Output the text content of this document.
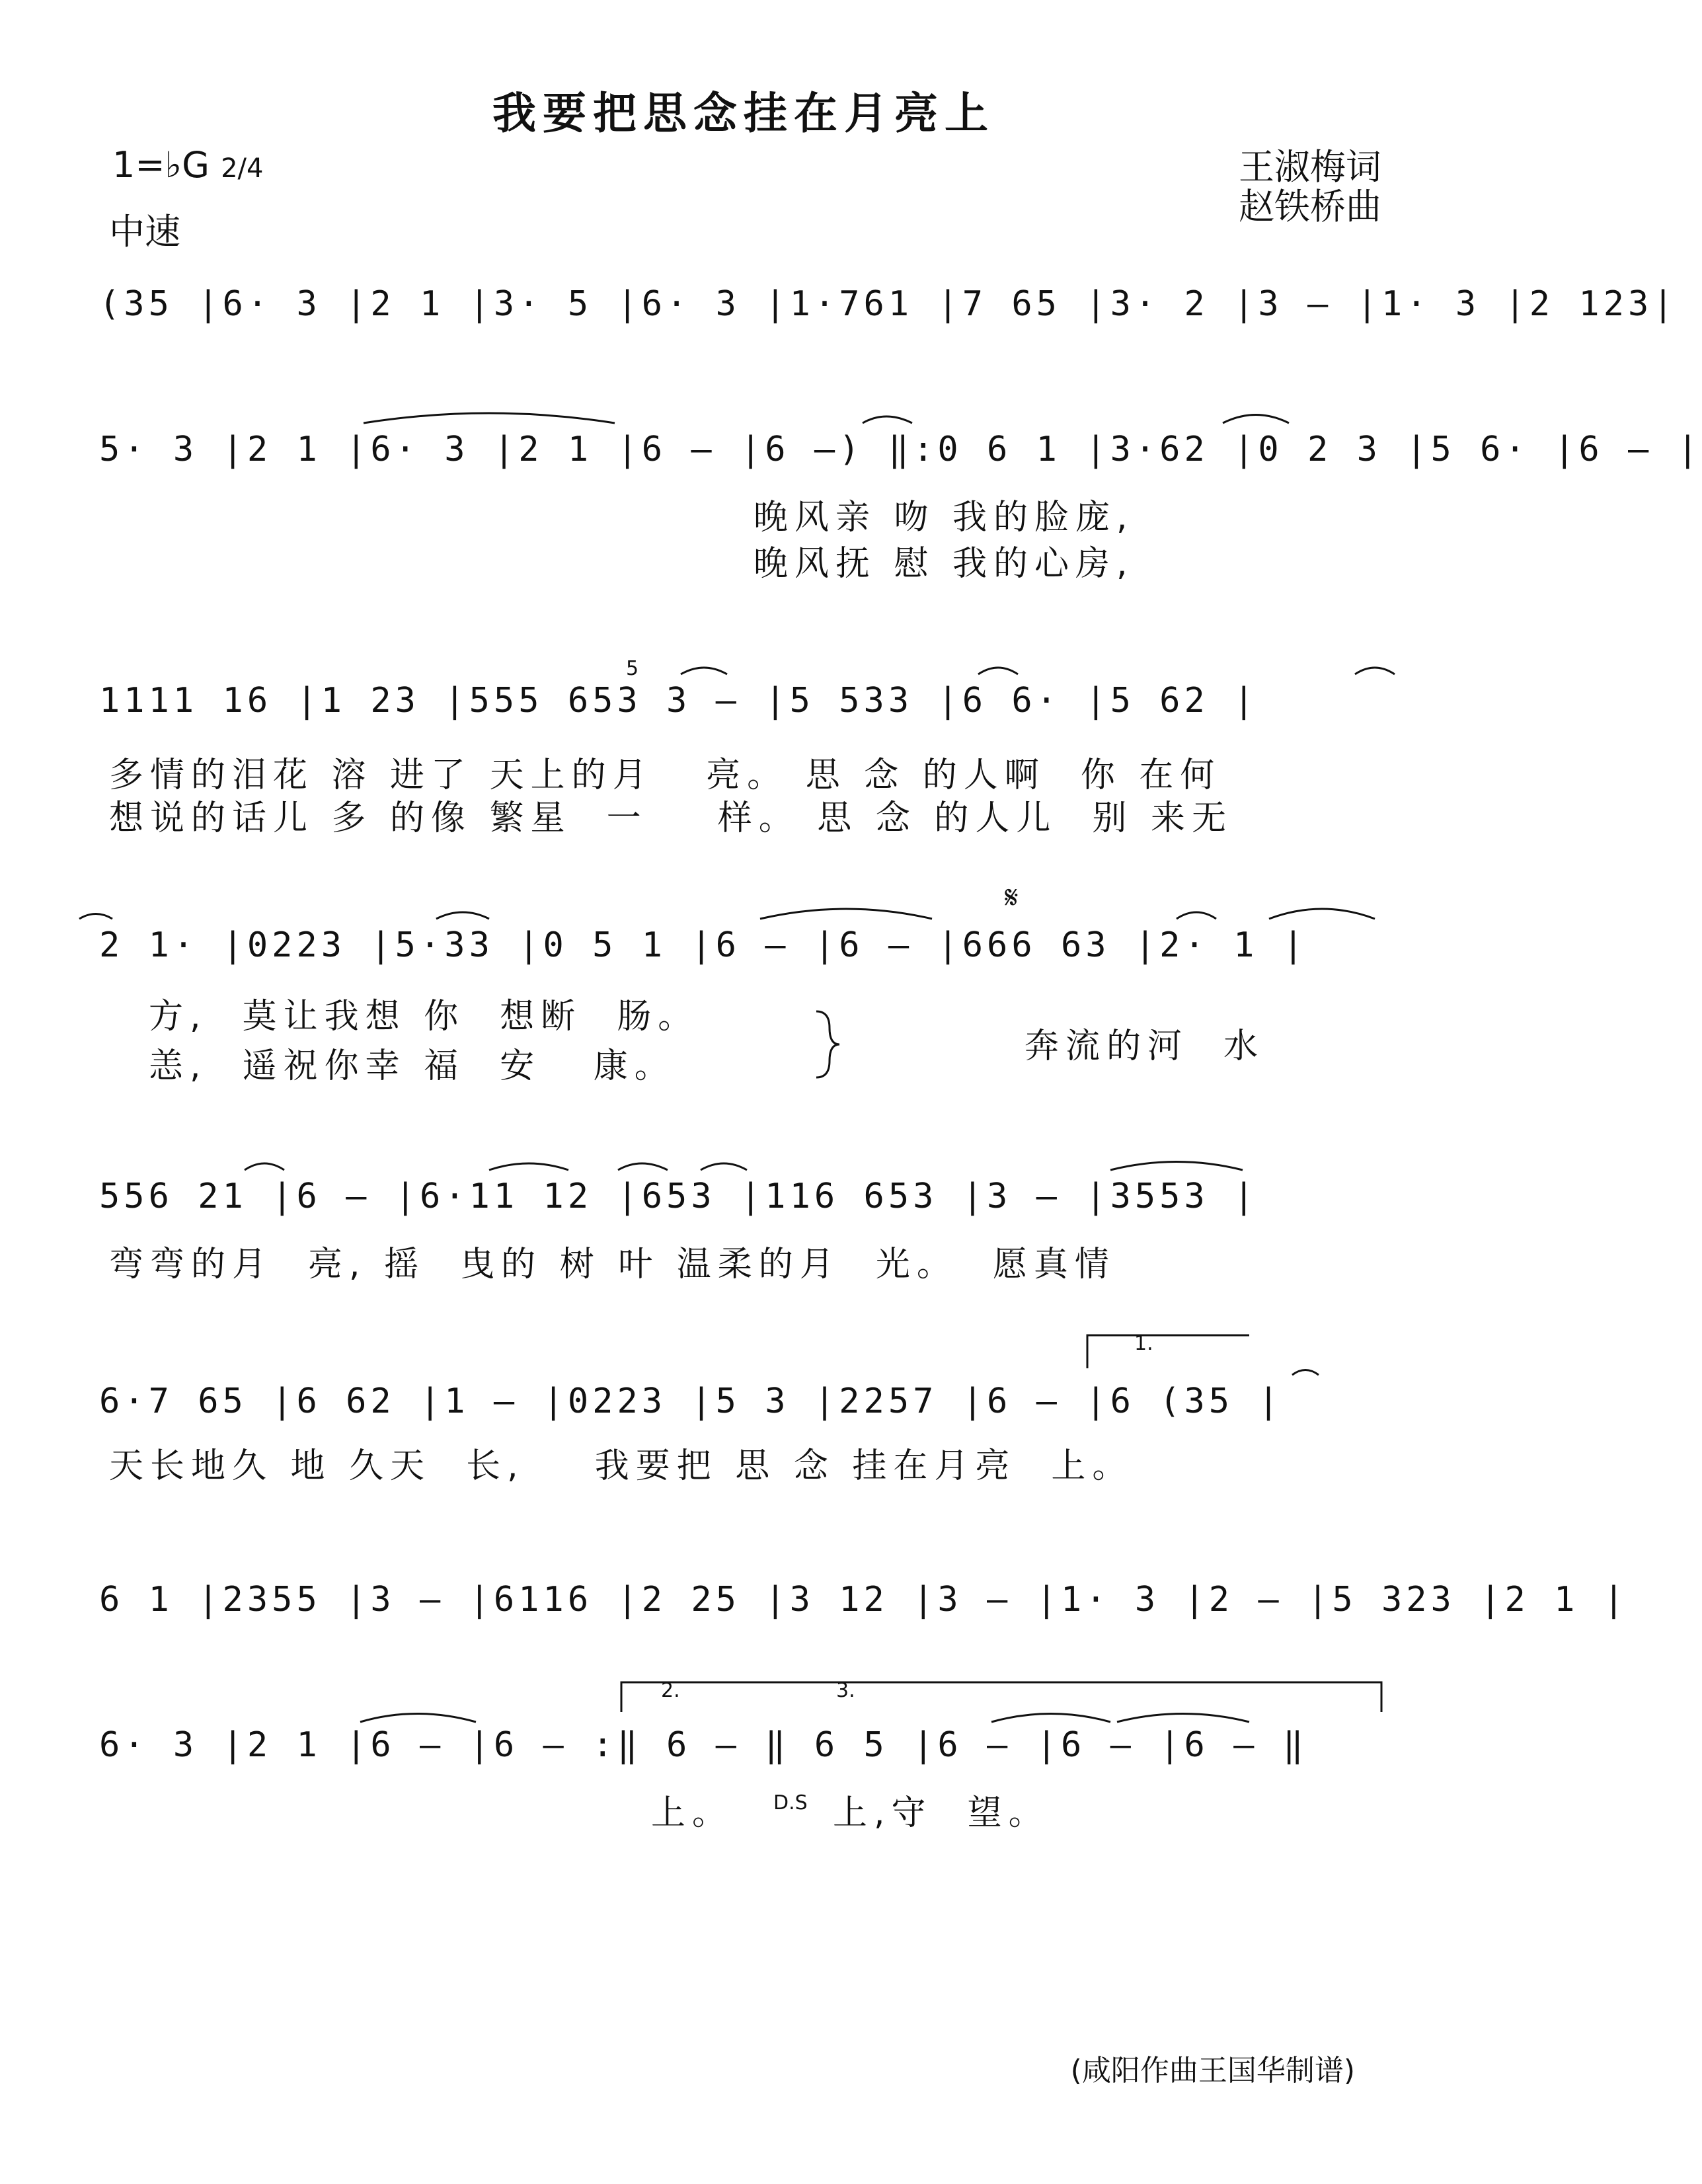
我要把思念挂在月亮上
1=♭G 2/4
中速
王淑梅词
赵铁桥曲
(35 |6· 3 |2 1 |3· 5 |6· 3 |1·761 |7 65 |3· 2 |3 — |1· 3 |2 123|
5· 3 |2 1 |6· 3 |2 1 |6 — |6 —) ‖:0 6 1 |3·62 |0 2 3 |5 6· |6 — |
晚风亲 吻 我的脸庞,
晚风抚 慰 我的心房,
5
1111 16 |1 23 |555 653 3 — |5 533 |6 6· |5 62 |
多情的泪花 溶 进了 天上的月   亮。 思 念 的人啊  你 在何
想说的话儿 多 的像 繁星  一    样。 思 念 的人儿  别 来无
𝄋
2 1· |0223 |5·33 |0 5 1 |6 — |6 — |666 63 |2· 1 |
方,  莫让我想 你  想断  肠。
恙,  遥祝你幸 福  安   康。	奔流的河  水
556 21 |6 — |6·11 12 |653 |116 653 |3 — |3553 |
弯弯的月  亮, 摇  曳的 树 叶 温柔的月  光。  愿真情
1.
6·7 65 |6 62 |1 — |0223 |5 3 |2257 |6 — |6 (35 |
天长地久 地 久天  长,    我要把 思 念 挂在月亮  上。
6 1 |2355 |3 — |6116 |2 25 |3 12 |3 — |1· 3 |2 — |5 323 |2 1 |
2.	3.
6· 3 |2 1 |6 — |6 — :‖ 6 — ‖ 6 5 |6 — |6 — |6 — ‖
上。 D.S 上,守  望。
(咸阳作曲王国华制谱)
